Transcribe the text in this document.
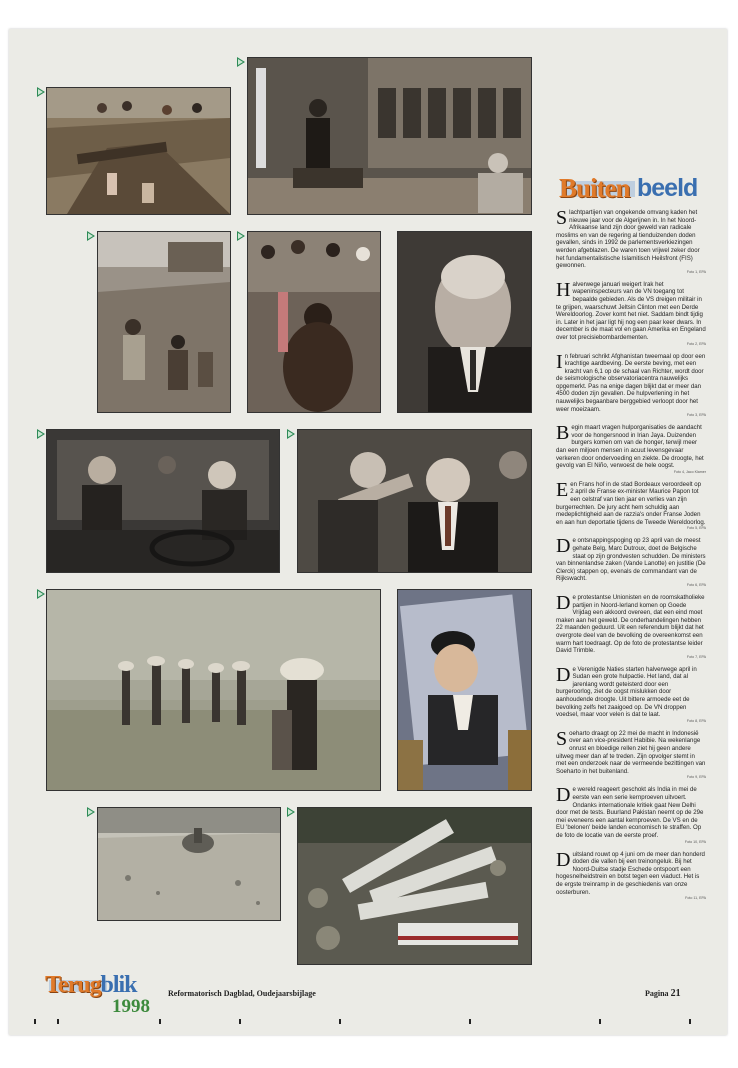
Buiten beeld
Slachtpartijen van ongekende omvang kaden het nieuwe jaar voor de Algerijnen in. In het Noord-Afrikaanse land zijn door geweld van radicale moslims en van de regering al tienduizenden doden gevallen, sinds in 1992 de parlementsverkiezingen werden afgeblazen. De waren toen vrijwel zeker door het fundamentalistische Islamitisch Heilsfront (FIS) gewonnen.
Foto 1, EPA
Halverwege januari weigert Irak het wapeninspecteurs van de VN toegang tot bepaalde gebieden. Als de VS dreigen militair in te grijpen, waarschuwt Jeltsin Clinton met een Derde Wereldoorlog. Zover komt het niet. Saddam bindt tijdig in. Later in het jaar ligt hij nog een paar keer dwars. In december is de maat vol en gaan Amerika en Engeland over tot precisiebombardementen.
Foto 2, EPA
In februari schrikt Afghanistan tweemaal op door een krachtige aardbeving. De eerste beving, met een kracht van 6,1 op de schaal van Richter, wordt door de seismologische observatoriacentra nauwelijks opgemerkt. Pas na enige dagen blijkt dat er meer dan 4500 doden zijn gevallen. De hulpverlening in het nauwelijks begaanbare berggebied verloopt door het weer moeizaam.
Foto 3, EPA
Begin maart vragen hulporganisaties de aandacht voor de hongersnood in Irian Jaya. Duizenden burgers komen om van de honger, terwijl meer dan een miljoen mensen in acuut levensgevaar verkeren door ondervoeding en ziekte. De droogte, het gevolg van El Niño, verwoest de hele oogst.
Foto 4, Jaco Klamer
Een Frans hof in de stad Bordeaux veroordeelt op 2 april de Franse ex-minister Maurice Papon tot een celstraf van tien jaar en verlies van zijn burgerrechten. De jury acht hem schuldig aan medeplichtigheid aan de razzia's onder Franse Joden en aan hun deportatie tijdens de Tweede Wereldoorlog.
Foto 5, EPA
De ontsnappingspoging op 23 april van de meest gehate Belg, Marc Dutroux, doet de Belgische staat op zijn grondvesten schudden. De ministers van binnenlandse zaken (Vande Lanotte) en justitie (De Clerck) stappen op, evenals de commandant van de Rijkswacht.
Foto 6, EPA
De protestantse Unionisten en de roomskatholieke partijen in Noord-Ierland komen op Goede Vrijdag een akkoord overeen, dat een eind moet maken aan het geweld. De onderhandelingen hebben 22 maanden geduurd. Uit een referendum blijkt dat het overgrote deel van de bevolking de overeenkomst een warm hart toedraagt. Op de foto de protestantse leider David Trimble.
Foto 7, EPA
De Verenigde Naties starten halverwege april in Sudan een grote hulpactie. Het land, dat al jarenlang wordt geteisterd door een burgeroorlog, ziet de oogst mislukken door aanhoudende droogte. Uit bittere armoede eet de bevolking zelfs het zaaigoed op. De VN droppen voedsel, maar voor velen is dat te laat.
Foto 8, EPA
Soeharto draagt op 22 mei de macht in Indonesië over aan vice-president Habibie. Na wekenlange onrust en bloedige rellen ziet hij geen andere uitweg meer dan af te treden. Zijn opvolger stemt in met een onderzoek naar de vermeende bezittingen van Soeharto in het buitenland.
Foto 9, EPA
De wereld reageert geschokt als India in mei de eerste van een serie kernproeven uitvoert. Ondanks internationale kritiek gaat New Delhi door met de tests. Buurland Pakistan neemt op de 29e mei eveneens een aantal kernproeven. De VS en de EU 'belonen' beide landen economisch te straffen. Op de foto de locatie van de eerste proef.
Foto 10, EPA
Duitsland rouwt op 4 juni om de meer dan honderd doden die vallen bij een treinongeluk. Bij het Noord-Duitse stadje Eschede ontspoort een hogesnelheidstrein en botst tegen een viaduct. Het is de ergste treinramp in de geschiedenis van onze oosterburen.
Foto 11, EPA
Terugblik
1998
Reformatorisch Dagblad, Oudejaarsbijlage	Pagina 21
